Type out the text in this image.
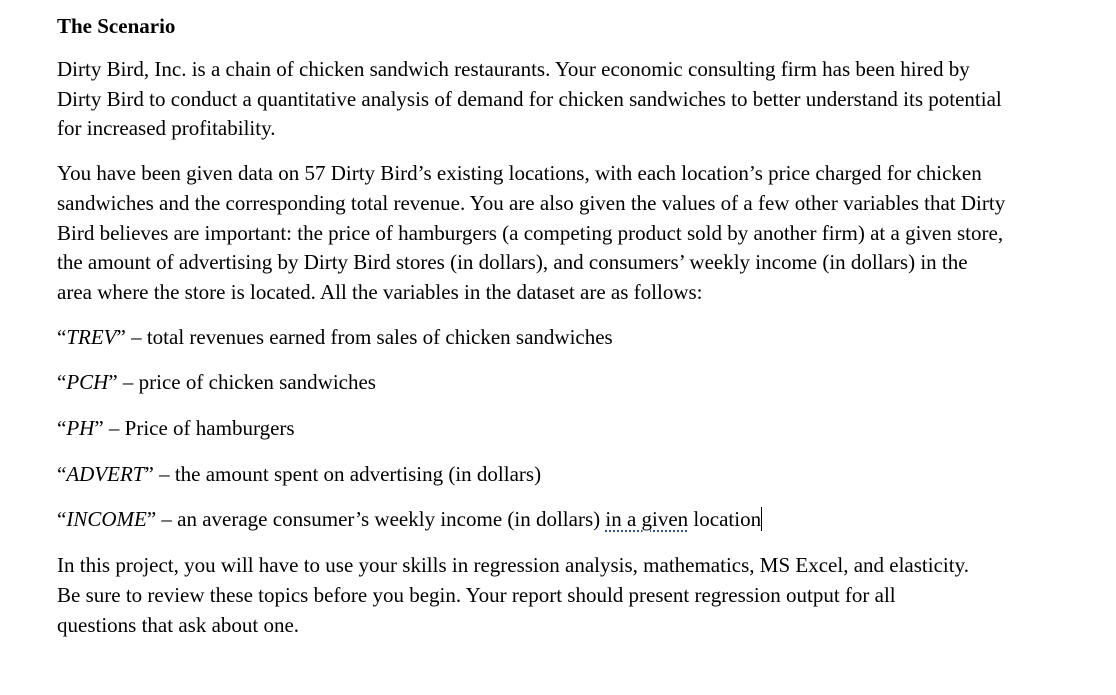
The Scenario
Dirty Bird, Inc. is a chain of chicken sandwich restaurants. Your economic consulting firm has been hired by Dirty Bird to conduct a quantitative analysis of demand for chicken sandwiches to better understand its potential for increased profitability.
You have been given data on 57 Dirty Bird’s existing locations, with each location’s price charged for chicken sandwiches and the corresponding total revenue. You are also given the values of a few other variables that Dirty Bird believes are important: the price of hamburgers (a competing product sold by another firm) at a given store, the amount of advertising by Dirty Bird stores (in dollars), and consumers’ weekly income (in dollars) in the area where the store is located. All the variables in the dataset are as follows:
“TREV” – total revenues earned from sales of chicken sandwiches
“PCH” – price of chicken sandwiches
“PH” – Price of hamburgers
“ADVERT” – the amount spent on advertising (in dollars)
“INCOME” – an average consumer’s weekly income (in dollars) in a given location
In this project, you will have to use your skills in regression analysis, mathematics, MS Excel, and elasticity. Be sure to review these topics before you begin. Your report should present regression output for all questions that ask about one.
